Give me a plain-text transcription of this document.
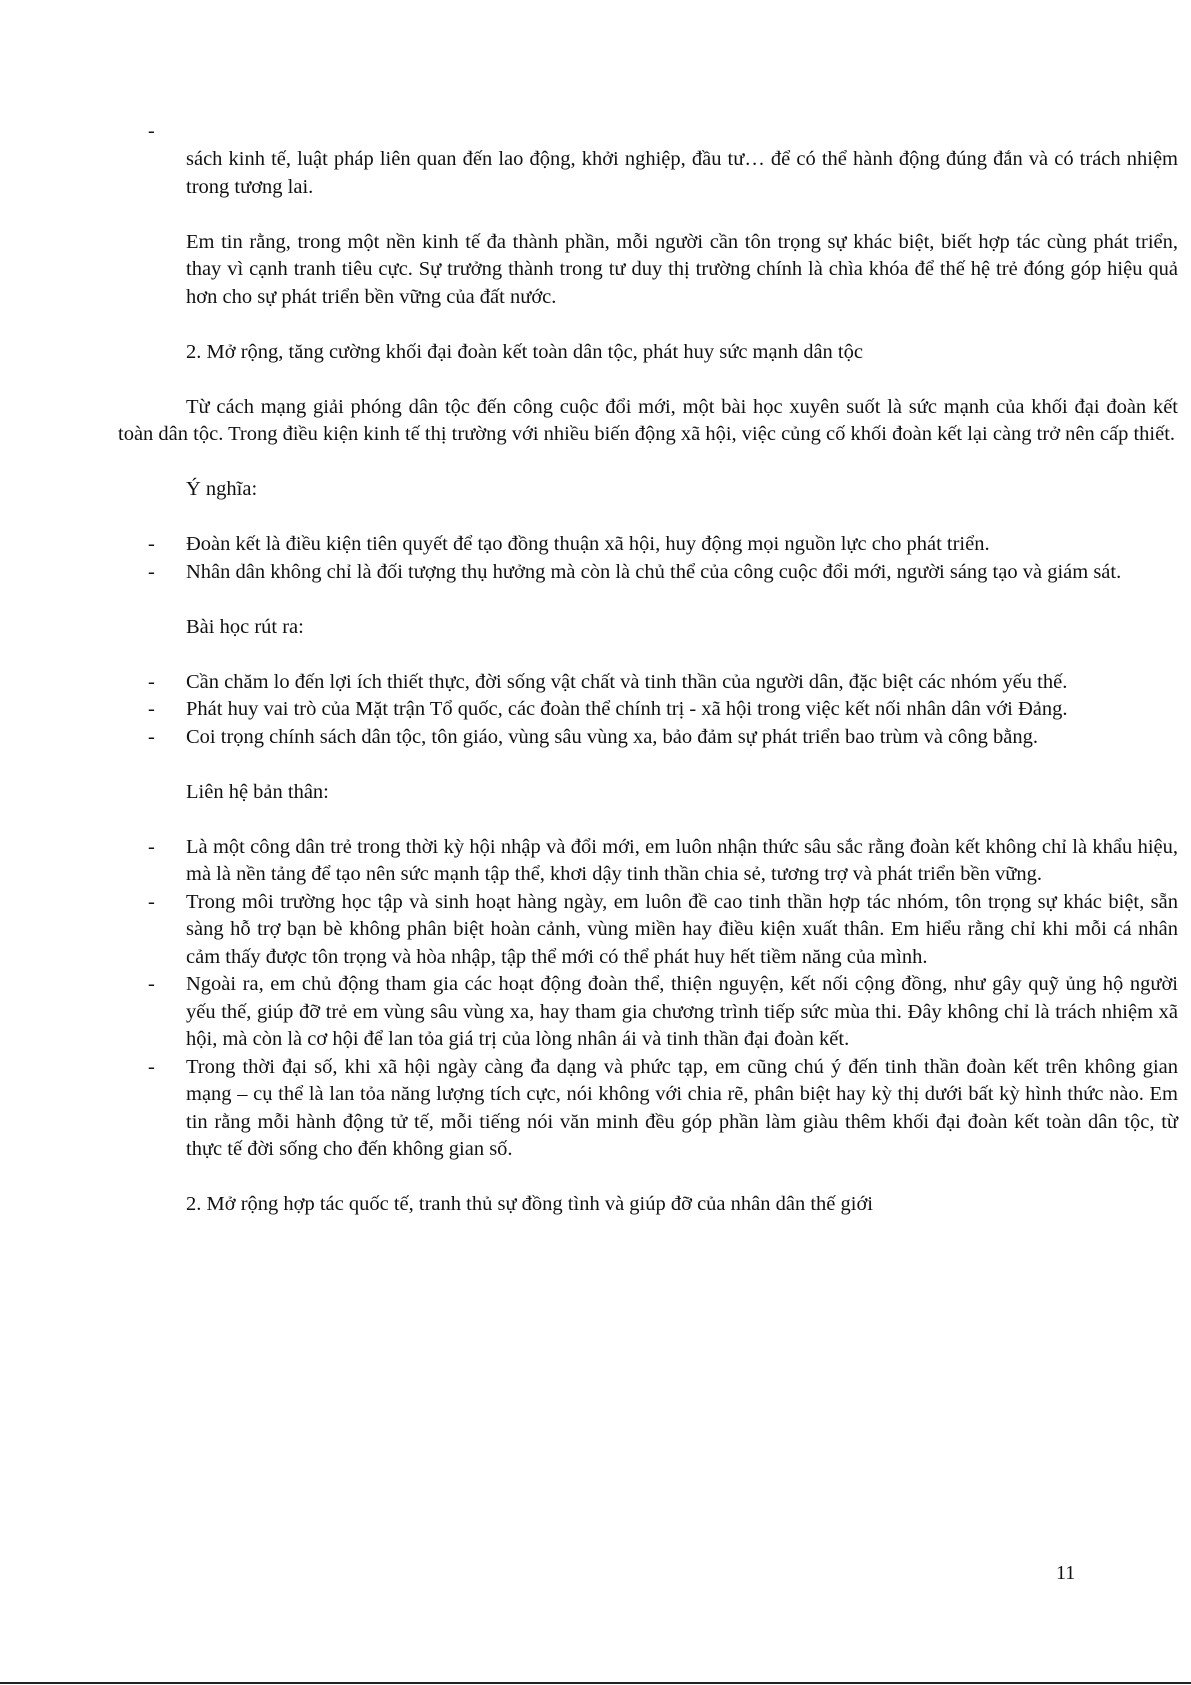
-

sách kinh tế, luật pháp liên quan đến lao động, khởi nghiệp, đầu tư… để có thể hành động đúng đắn và có trách nhiệm trong tương lai.

Em tin rằng, trong một nền kinh tế đa thành phần, mỗi người cần tôn trọng sự khác biệt, biết hợp tác cùng phát triển, thay vì cạnh tranh tiêu cực. Sự trưởng thành trong tư duy thị trường chính là chìa khóa để thế hệ trẻ đóng góp hiệu quả hơn cho sự phát triển bền vững của đất nước.

2. Mở rộng, tăng cường khối đại đoàn kết toàn dân tộc, phát huy sức mạnh dân tộc

Từ cách mạng giải phóng dân tộc đến công cuộc đổi mới, một bài học xuyên suốt là sức mạnh của khối đại đoàn kết toàn dân tộc. Trong điều kiện kinh tế thị trường với nhiều biến động xã hội, việc củng cố khối đoàn kết lại càng trở nên cấp thiết.

Ý nghĩa:

- Đoàn kết là điều kiện tiên quyết để tạo đồng thuận xã hội, huy động mọi nguồn lực cho phát triển.
- Nhân dân không chỉ là đối tượng thụ hưởng mà còn là chủ thể của công cuộc đổi mới, người sáng tạo và giám sát.

Bài học rút ra:

- Cần chăm lo đến lợi ích thiết thực, đời sống vật chất và tinh thần của người dân, đặc biệt các nhóm yếu thế.
- Phát huy vai trò của Mặt trận Tổ quốc, các đoàn thể chính trị - xã hội trong việc kết nối nhân dân với Đảng.
- Coi trọng chính sách dân tộc, tôn giáo, vùng sâu vùng xa, bảo đảm sự phát triển bao trùm và công bằng.

Liên hệ bản thân:

- Là một công dân trẻ trong thời kỳ hội nhập và đổi mới, em luôn nhận thức sâu sắc rằng đoàn kết không chỉ là khẩu hiệu, mà là nền tảng để tạo nên sức mạnh tập thể, khơi dậy tinh thần chia sẻ, tương trợ và phát triển bền vững.
- Trong môi trường học tập và sinh hoạt hàng ngày, em luôn đề cao tinh thần hợp tác nhóm, tôn trọng sự khác biệt, sẵn sàng hỗ trợ bạn bè không phân biệt hoàn cảnh, vùng miền hay điều kiện xuất thân. Em hiểu rằng chỉ khi mỗi cá nhân cảm thấy được tôn trọng và hòa nhập, tập thể mới có thể phát huy hết tiềm năng của mình.
- Ngoài ra, em chủ động tham gia các hoạt động đoàn thể, thiện nguyện, kết nối cộng đồng, như gây quỹ ủng hộ người yếu thế, giúp đỡ trẻ em vùng sâu vùng xa, hay tham gia chương trình tiếp sức mùa thi. Đây không chỉ là trách nhiệm xã hội, mà còn là cơ hội để lan tỏa giá trị của lòng nhân ái và tinh thần đại đoàn kết.
- Trong thời đại số, khi xã hội ngày càng đa dạng và phức tạp, em cũng chú ý đến tinh thần đoàn kết trên không gian mạng – cụ thể là lan tỏa năng lượng tích cực, nói không với chia rẽ, phân biệt hay kỳ thị dưới bất kỳ hình thức nào. Em tin rằng mỗi hành động tử tế, mỗi tiếng nói văn minh đều góp phần làm giàu thêm khối đại đoàn kết toàn dân tộc, từ thực tế đời sống cho đến không gian số.

2. Mở rộng hợp tác quốc tế, tranh thủ sự đồng tình và giúp đỡ của nhân dân thế giới

11
